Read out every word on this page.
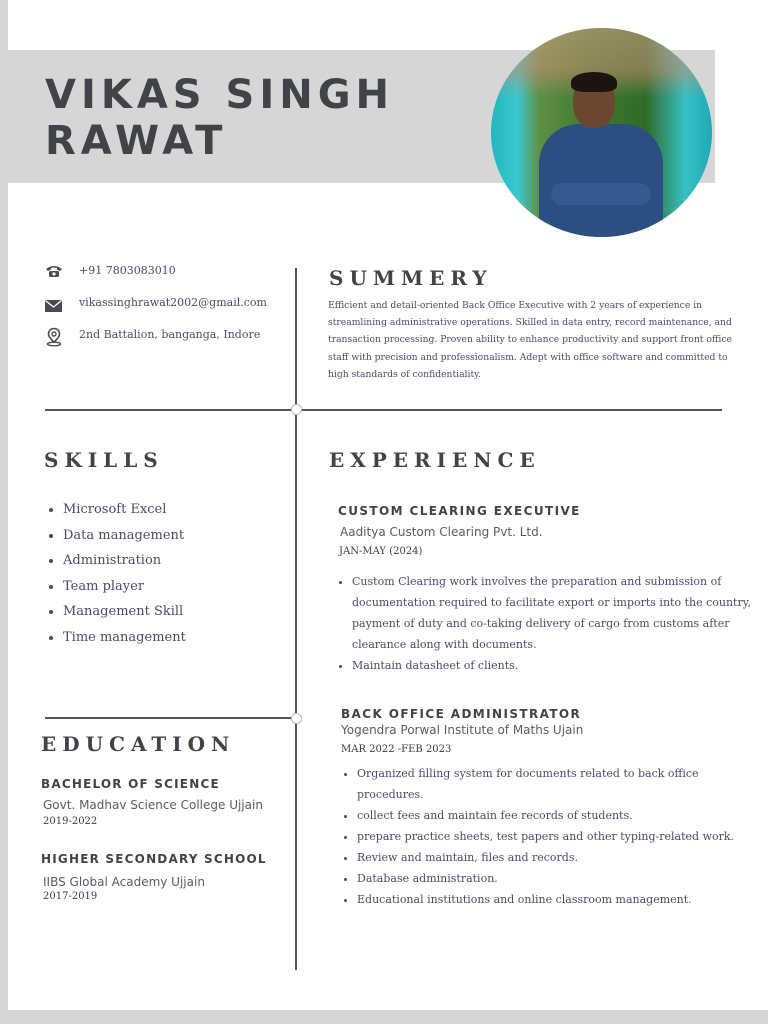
VIKAS SINGH
RAWAT
+91 7803083010
vikassinghrawat2002@gmail.com
2nd Battalion, banganga, Indore
SUMMERY

Efficient and detail-oriented Back Office Executive with 2 years of experience in streamlining administrative operations. Skilled in data entry, record maintenance, and transaction processing. Proven ability to enhance productivity and support front office staff with precision and professionalism. Adept with office software and committed to high standards of confidentiality.

SKILLS
• Microsoft Excel
• Data management
• Administration
• Team player
• Management Skill
• Time management
EXPERIENCE
CUSTOM CLEARING EXECUTIVE
Aaditya Custom Clearing Pvt. Ltd.
JAN-MAY (2024)
• Custom Clearing work involves the preparation and submission of documentation required to facilitate export or imports into the country, payment of duty and co-taking delivery of cargo from customs after clearance along with documents.
• Maintain datasheet of clients.
BACK OFFICE ADMINISTRATOR
Yogendra Porwal Institute of Maths Ujain
MAR 2022 -FEB 2023
• Organized filling system for documents related to back office procedures.
• collect fees and maintain fee records of students.
• prepare practice sheets, test papers and other typing-related work.
• Review and maintain, files and records.
• Database administration.
• Educational institutions and online classroom management.
EDUCATION
BACHELOR OF SCIENCE
Govt. Madhav Science College Ujjain
2019-2022
HIGHER SECONDARY SCHOOL
IIBS Global Academy Ujjain
2017-2019
